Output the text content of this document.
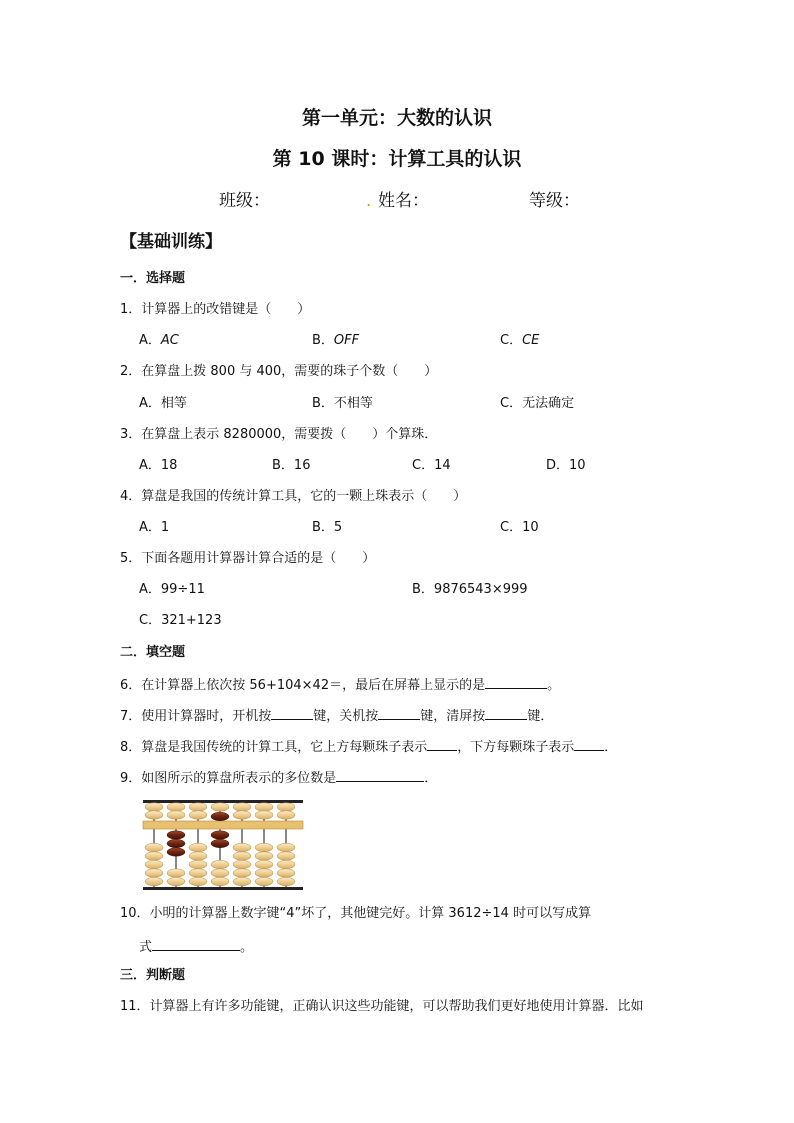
第一单元：大数的认识
第 10 课时：计算工具的认识
班级：	. 姓名：	等级：
【基础训练】
一．选择题
1．计算器上的改错键是（　　）
A．AC	B．OFF	C．CE
2．在算盘上拨 800 与 400，需要的珠子个数（　　）
A．相等	B．不相等	C．无法确定
3．在算盘上表示 8280000，需要拨（　　）个算珠．
A．18	B．16	C．14	D．10
4．算盘是我国的传统计算工具，它的一颗上珠表示（　　）
A．1	B．5	C．10
5．下面各题用计算器计算合适的是（　　）
A．99÷11	B．9876543×999
C．321+123
二．填空题
6．在计算器上依次按 56+104×42＝，最后在屏幕上显示的是	。
7．使用计算器时，开机按	键，关机按	键，清屏按	键．
8．算盘是我国传统的计算工具，它上方每颗珠子表示 ，下方每颗珠子表示 ．
9．如图所示的算盘所表示的多位数是	．
10．小明的计算器上数字键“4”坏了，其他键完好。计算 3612÷14 时可以写成算
式	。
三．判断题
11．计算器上有许多功能键，正确认识这些功能键，可以帮助我们更好地使用计算器．比如
